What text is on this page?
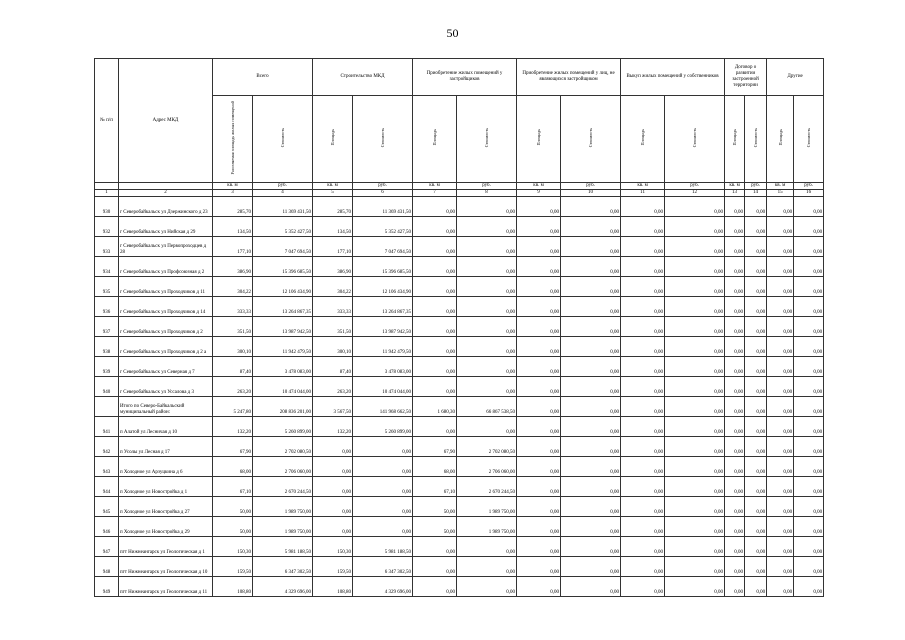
50
№ п/п	Адрес МКД	Всего		Строительство МКД		Приобретение жилых помещений у застройщиков		Приобретение жилых помещений у лиц, не являющихся застройщиком		Выкуп жилых помещений у собственников		Договор о развитии застроенной территории		Другие	
		Расселяемая площадь жилых помещений	Стоимость	Площадь	Стоимость	Площадь	Стоимость	Площадь	Стоимость	Площадь	Стоимость	Площадь	Стоимость	Площадь	Стоимость
		кв. м	руб.	кв. м	руб.	кв. м	руб.	кв. м	руб.	кв. м	руб.	кв. м	руб.	кв. м	руб.
1	2	3	4	5	6	7	8	9	10	11	12	13	14	15	16
930	г Северобайкальск ул Дзержинского д 23	285,70	11 369 431,50	285,70	11 369 431,50	0,00	0,00	0,00	0,00	0,00	0,00	0,00	0,00	0,00	0,00
932	г Северобайкальск ул Нийская д 29	134,50	5 352 427,50	134,50	5 352 427,50	0,00	0,00	0,00	0,00	0,00	0,00	0,00	0,00	0,00	0,00
933	г Северобайкальск ул Первопроходцев д 28	177,10	7 047 694,50	177,10	7 047 694,50	0,00	0,00	0,00	0,00	0,00	0,00	0,00	0,00	0,00	0,00
934	г Северобайкальск ул Профсоюзная д 2	386,90	15 396 685,50	386,90	15 396 685,50	0,00	0,00	0,00	0,00	0,00	0,00	0,00	0,00	0,00	0,00
935	г Северобайкальск ул Проходчиков д 11	304,22	12 106 434,90	304,22	12 106 434,90	0,00	0,00	0,00	0,00	0,00	0,00	0,00	0,00	0,00	0,00
936	г Северобайкальск ул Проходчиков д 14	333,33	13 264 867,35	333,33	13 264 867,35	0,00	0,00	0,00	0,00	0,00	0,00	0,00	0,00	0,00	0,00
937	г Северобайкальск ул Проходчиков д 2	351,50	13 987 942,50	351,50	13 987 942,50	0,00	0,00	0,00	0,00	0,00	0,00	0,00	0,00	0,00	0,00
938	г Северобайкальск ул Проходчиков д 2 а	300,10	11 942 479,50	300,10	11 942 479,50	0,00	0,00	0,00	0,00	0,00	0,00	0,00	0,00	0,00	0,00
939	г Северобайкальск ул Северная д 7	87,40	3 478 083,00	87,40	3 478 083,00	0,00	0,00	0,00	0,00	0,00	0,00	0,00	0,00	0,00	0,00
940	г Северобайкальск ул Уссалова д 3	263,20	10 474 044,00	263,20	10 474 044,00	0,00	0,00	0,00	0,00	0,00	0,00	0,00	0,00	0,00	0,00
	Итого по Северо-Байкальский муниципальный район:	5 247,80	208 836 201,00	3 567,50	141 968 662,50	1 680,30	66 867 538,50	0,00	0,00	0,00	0,00	0,00	0,00	0,00	0,00
941	п Алатой ул Лесничая д 10	132,20	5 260 899,00	132,20	5 260 899,00	0,00	0,00	0,00	0,00	0,00	0,00	0,00	0,00	0,00	0,00
942	п Усолы ул Лесная д 17	67,90	2 702 080,50	0,00	0,00	67,90	2 702 080,50	0,00	0,00	0,00	0,00	0,00	0,00	0,00	0,00
943	п Холодное ул Арзуцкина д 6	68,00	2 706 060,00	0,00	0,00	68,00	2 706 060,00	0,00	0,00	0,00	0,00	0,00	0,00	0,00	0,00
944	п Холодное ул Новостройка д 1	67,10	2 670 244,50	0,00	0,00	67,10	2 670 244,50	0,00	0,00	0,00	0,00	0,00	0,00	0,00	0,00
945	п Холодное ул Новостройка д 27	50,00	1 989 750,00	0,00	0,00	50,00	1 989 750,00	0,00	0,00	0,00	0,00	0,00	0,00	0,00	0,00
946	п Холодное ул Новостройка д 29	50,00	1 989 750,00	0,00	0,00	50,00	1 989 750,00	0,00	0,00	0,00	0,00	0,00	0,00	0,00	0,00
947	пгт Нижнеангарск ул Геологическая д 1	150,30	5 981 188,50	150,30	5 981 188,50	0,00	0,00	0,00	0,00	0,00	0,00	0,00	0,00	0,00	0,00
948	пгт Нижнеангарск ул Геологическая д 10	159,50	6 347 302,50	159,50	6 347 302,50	0,00	0,00	0,00	0,00	0,00	0,00	0,00	0,00	0,00	0,00
949	пгт Нижнеангарск ул Геологическая д 11	108,80	4 329 696,00	108,80	4 329 696,00	0,00	0,00	0,00	0,00	0,00	0,00	0,00	0,00	0,00	0,00
